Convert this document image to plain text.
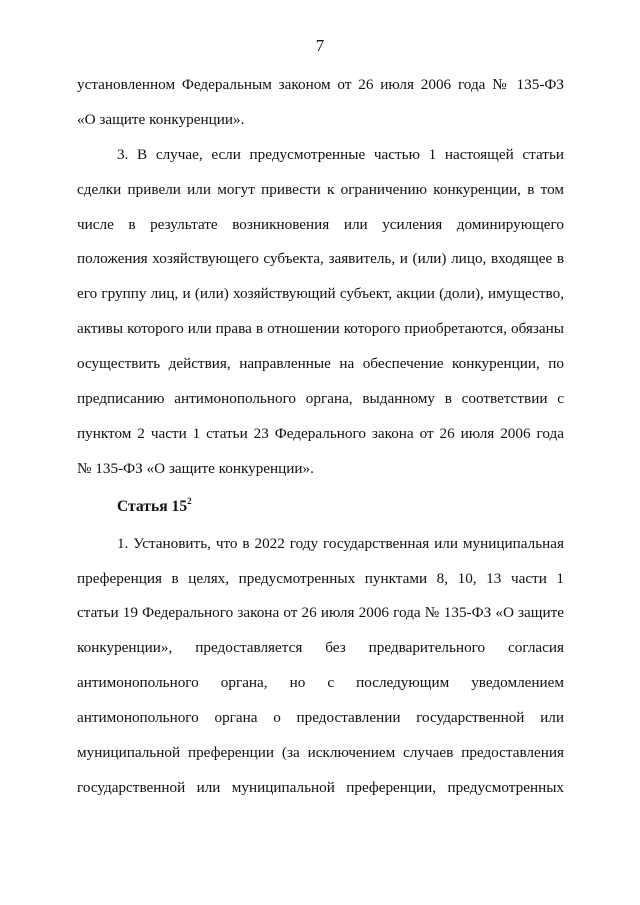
7
установленном Федеральным законом от 26 июля 2006 года № 135-ФЗ
«О защите конкуренции».
3. В случае, если предусмотренные частью 1 настоящей статьи
сделки привели или могут привести к ограничению конкуренции, в том
числе в результате возникновения или усиления доминирующего
положения хозяйствующего субъекта, заявитель, и (или) лицо, входящее в
его группу лиц, и (или) хозяйствующий субъект, акции (доли), имущество,
активы которого или права в отношении которого приобретаются, обязаны
осуществить действия, направленные на обеспечение конкуренции, по
предписанию антимонопольного органа, выданному в соответствии с
пунктом 2 части 1 статьи 23 Федерального закона от 26 июля 2006 года
№ 135-ФЗ «О защите конкуренции».
Статья $15^2$
1. Установить, что в 2022 году государственная или муниципальная
преференция в целях, предусмотренных пунктами 8, 10, 13 части 1
статьи 19 Федерального закона от 26 июля 2006 года № 135-ФЗ «О защите
конкуренции», предоставляется без предварительного согласия
антимонопольного органа, но с последующим уведомлением
антимонопольного органа о предоставлении государственной или
муниципальной преференции (за исключением случаев предоставления
государственной или муниципальной преференции, предусмотренных
